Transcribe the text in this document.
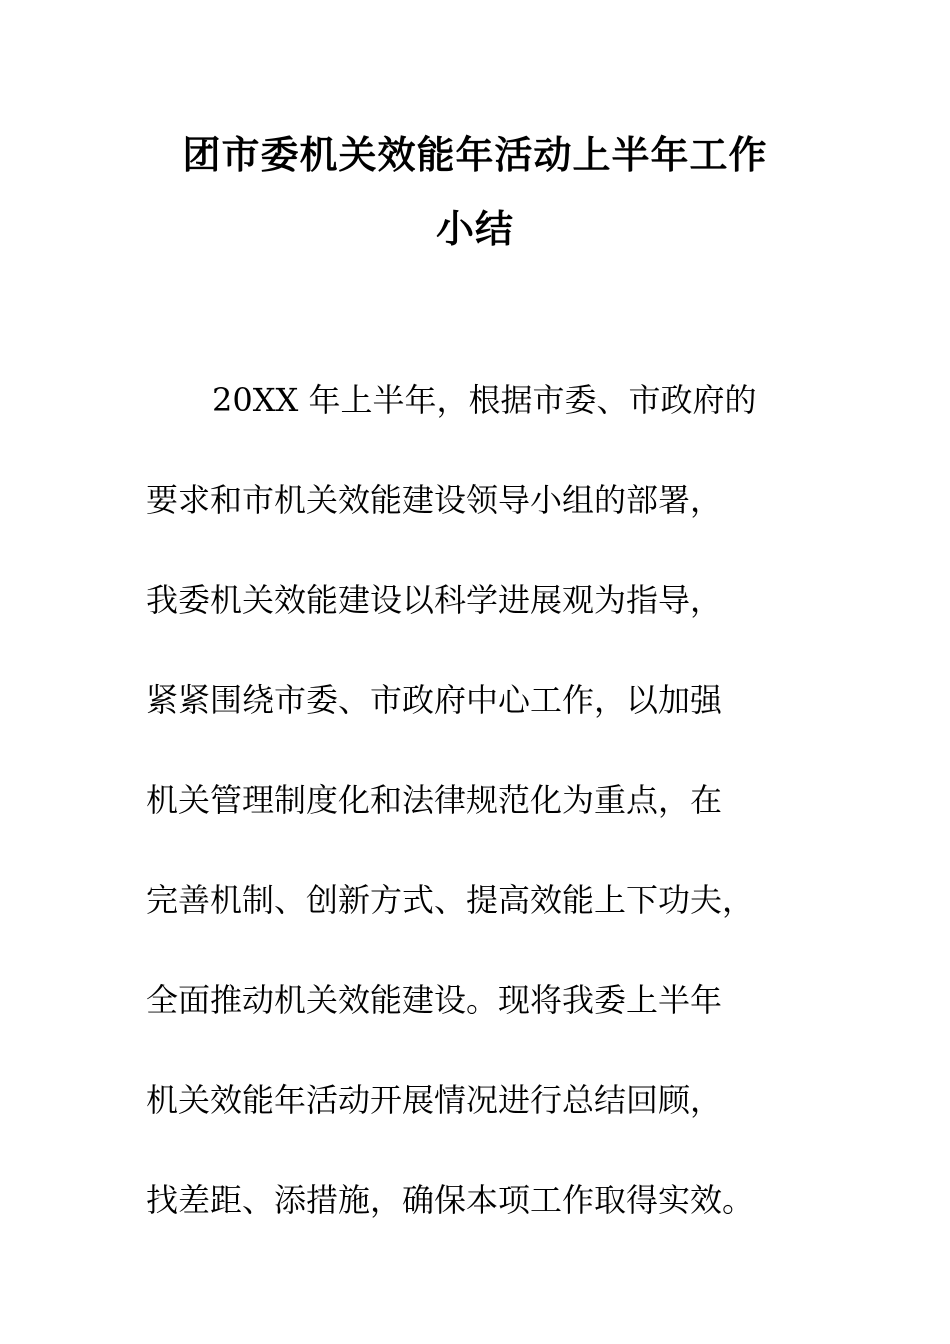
团市委机关效能年活动上半年工作
小结
20XX 年上半年，根据市委、市政府的
要求和市机关效能建设领导小组的部署，
我委机关效能建设以科学进展观为指导，
紧紧围绕市委、市政府中心工作，以加强
机关管理制度化和法律规范化为重点，在
完善机制、创新方式、提高效能上下功夫，
全面推动机关效能建设。现将我委上半年
机关效能年活动开展情况进行总结回顾，
找差距、添措施，确保本项工作取得实效。
